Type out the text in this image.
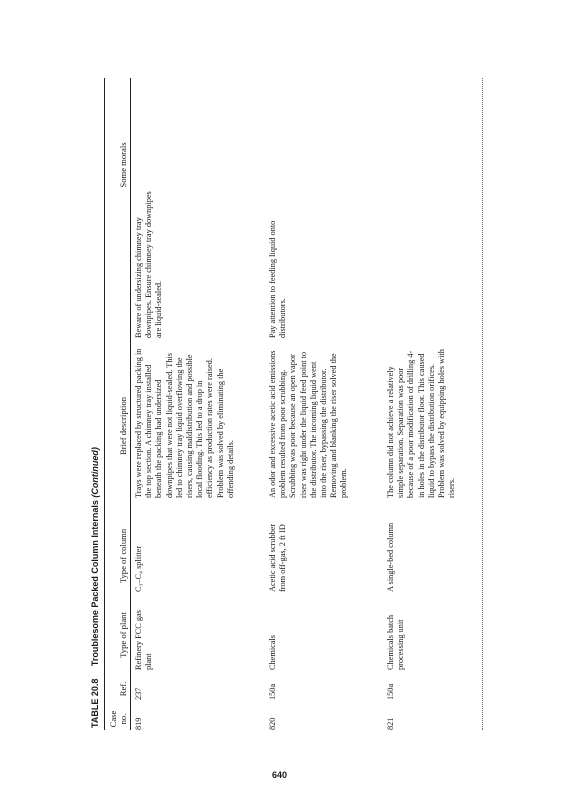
TABLE 20.8 Troublesome Packed Column Internals (Continued)
Case no.
Ref.
Type of plant
Type of column
Brief description
Some morals
819
237
Refinery FCC gas plant
C₃–C₄ splitter
Trays were replaced by structured packing in the top section. A chimney tray installed beneath the packing had undersized downpipes that were not liquid-sealed. This led to chimney tray liquid overflowing the risers, causing maldistribution and possible local flooding. This led to a drop in efficiency as production rates were raised. Problem was solved by eliminating the offending details.
Beware of undersizing chimney tray downpipes. Ensure chimney tray downpipes are liquid-sealed.
820
150a
Chemicals
Acetic acid scrubber from off-gas, 2 ft ID
An odor and excessive acetic acid emissions problem resulted from poor scrubbing. Scrubbing was poor because an open vapor riser was right under the liquid feed point to the distributor. The incoming liquid went into the riser, bypassing the distributor. Removing and blanking the riser solved the problem.
Pay attention to feeding liquid onto distributors.
821
150a
Chemicals batch processing unit
A single-bed column
The column did not achieve a relatively simple separation. Separation was poor because of a poor modification of drilling 4-in holes in the distributor floor. This caused liquid to bypass the distribution orifices. Problem was solved by equipping holes with risers.
640
